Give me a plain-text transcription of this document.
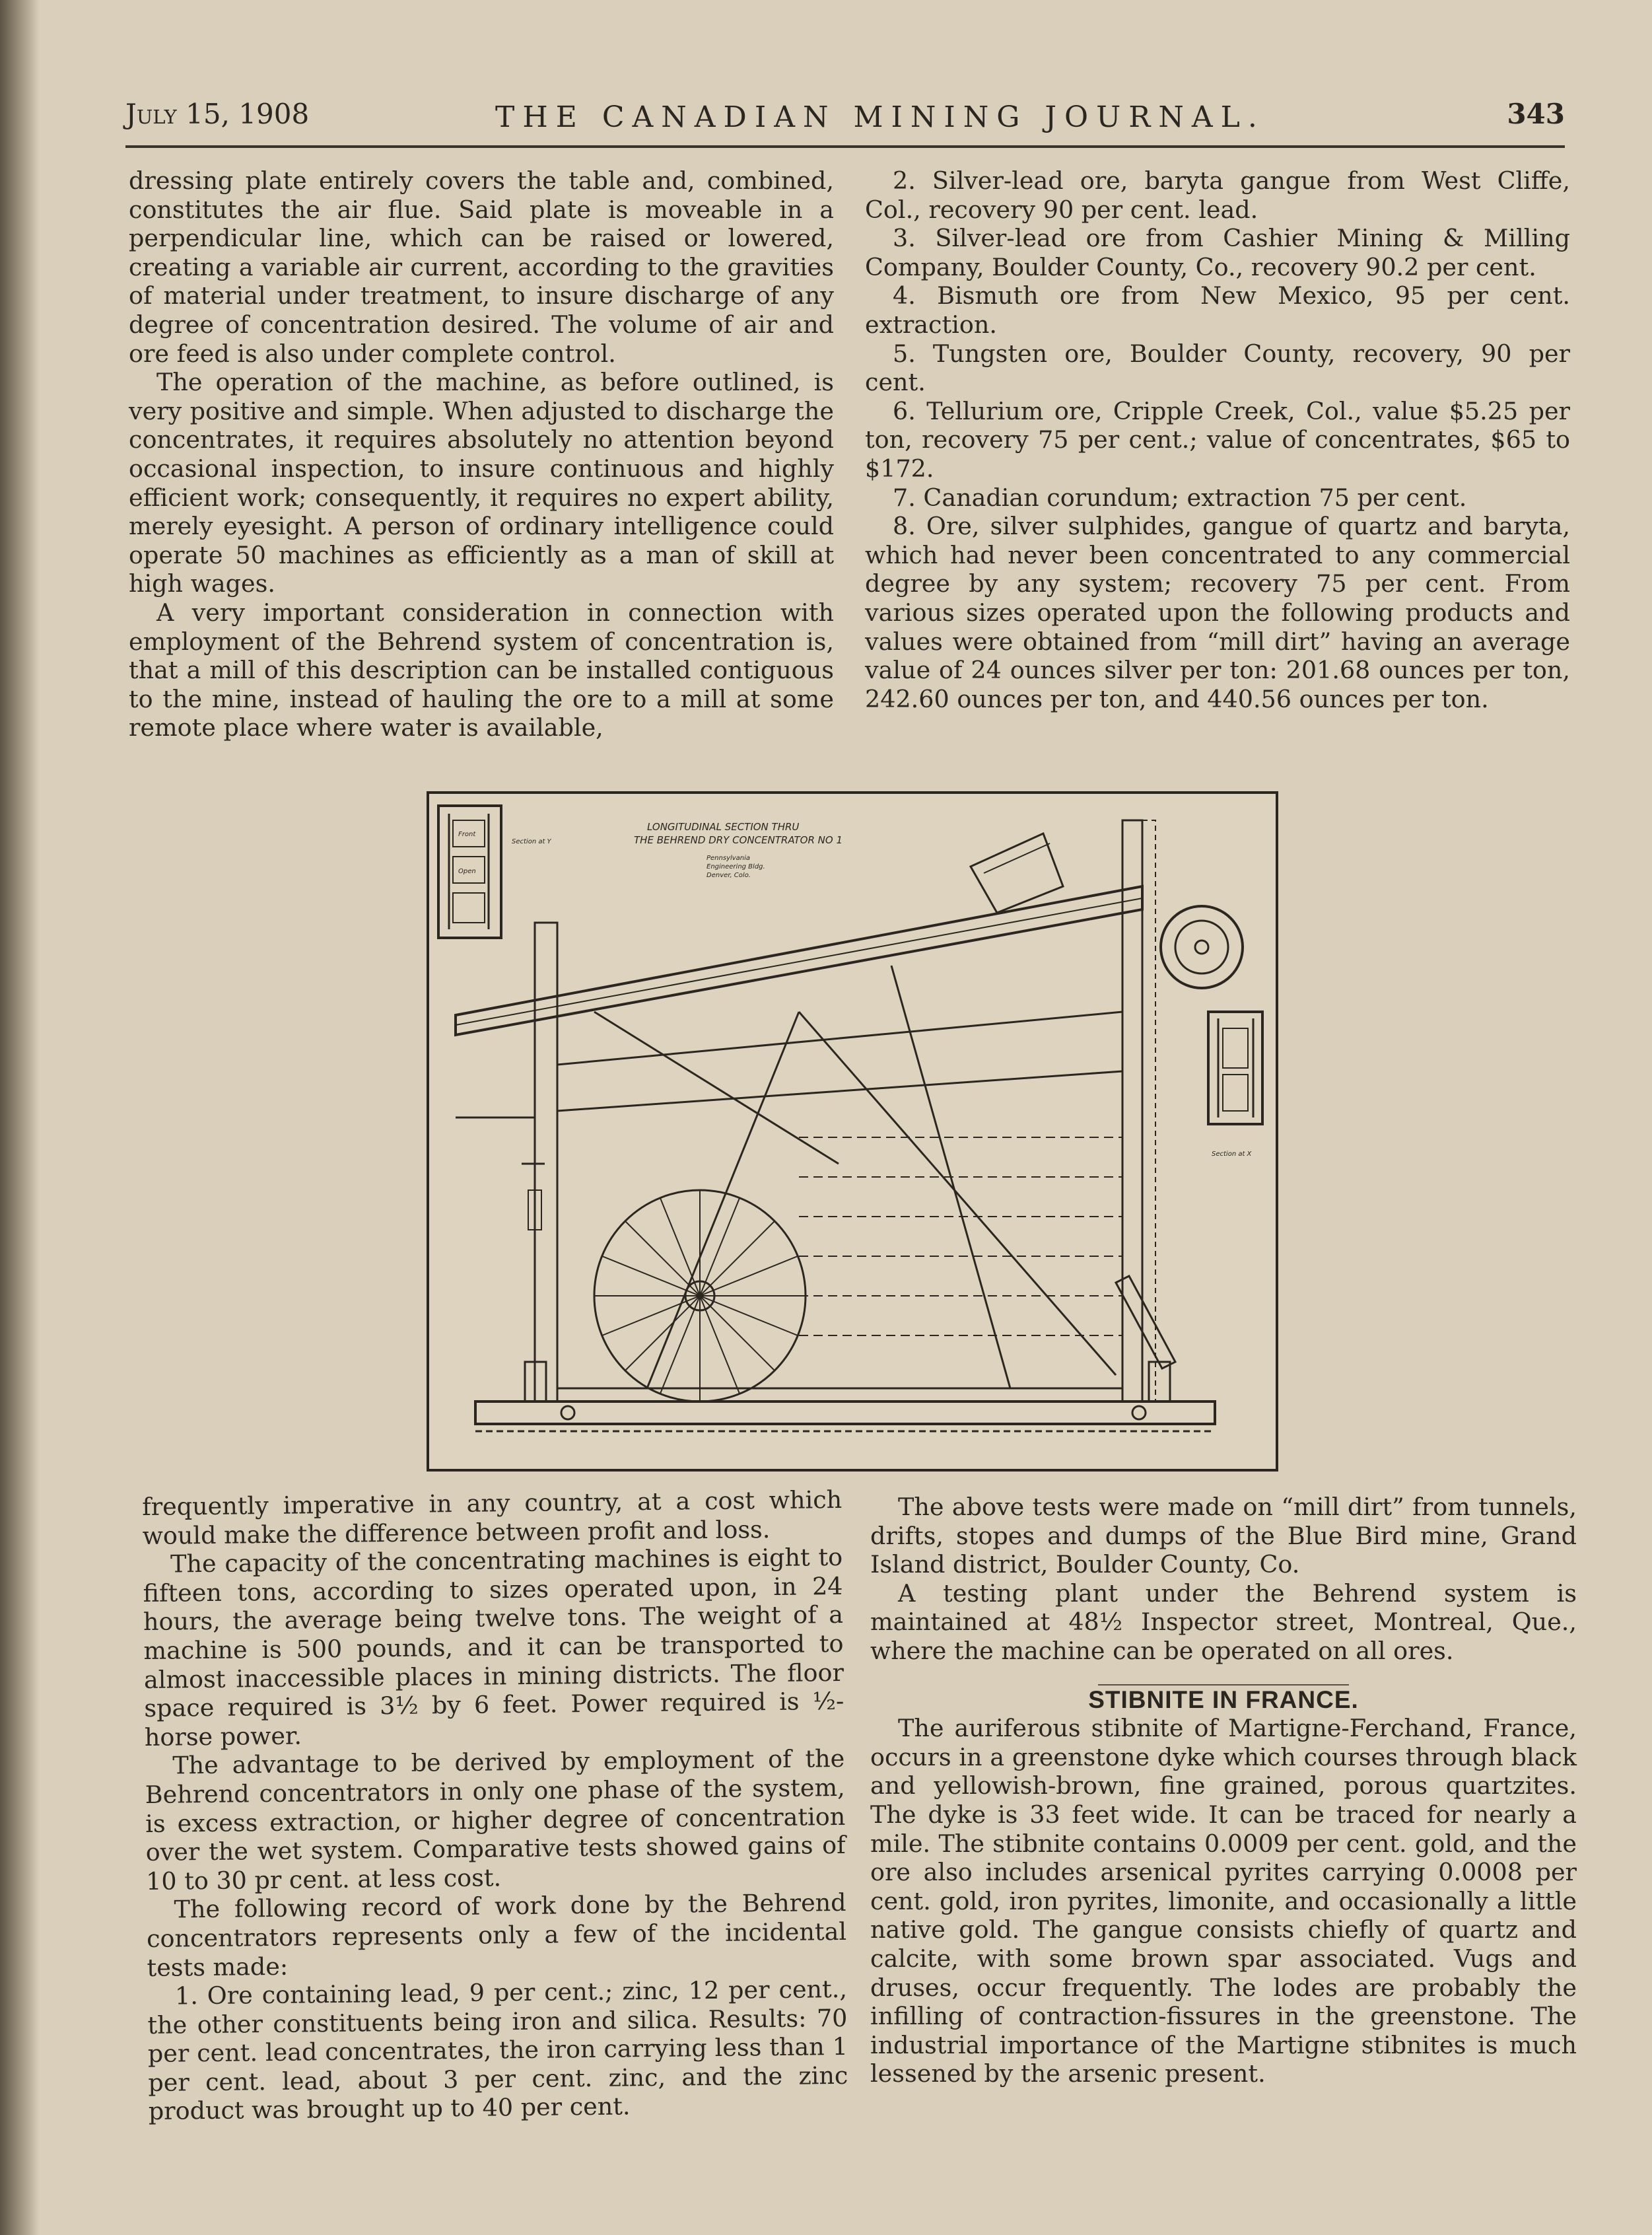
July 15, 1908	THE CANADIAN MINING JOURNAL.	343

dressing plate entirely covers the table and, combined, constitutes the air flue. Said plate is moveable in a perpendicular line, which can be raised or lowered, creating a variable air current, according to the gravities of material under treatment, to insure discharge of any degree of concentration desired. The volume of air and ore feed is also under complete control.

The operation of the machine, as before outlined, is very positive and simple. When adjusted to discharge the concentrates, it requires absolutely no attention beyond occasional inspection, to insure continuous and highly efficient work; consequently, it requires no expert ability, merely eyesight. A person of ordinary intelligence could operate 50 machines as efficiently as a man of skill at high wages.

A very important consideration in connection with employment of the Behrend system of concentration is, that a mill of this description can be installed contiguous to the mine, instead of hauling the ore to a mill at some remote place where water is available,

2. Silver-lead ore, baryta gangue from West Cliffe, Col., recovery 90 per cent. lead.

3. Silver-lead ore from Cashier Mining & Milling Company, Boulder County, Co., recovery 90.2 per cent.

4. Bismuth ore from New Mexico, 95 per cent. extraction.

5. Tungsten ore, Boulder County, recovery, 90 per cent.

6. Tellurium ore, Cripple Creek, Col., value $5.25 per ton, recovery 75 per cent.; value of concentrates, $65 to $172.

7. Canadian corundum; extraction 75 per cent.

8. Ore, silver sulphides, gangue of quartz and baryta, which had never been concentrated to any commercial degree by any system; recovery 75 per cent. From various sizes operated upon the following products and values were obtained from “mill dirt” having an average value of 24 ounces silver per ton: 201.68 ounces per ton, 242.60 ounces per ton, and 440.56 ounces per ton.

Front
Open
Section at Y
LONGITUDINAL SECTION THRU
THE BEHREND DRY CONCENTRATOR NO 1
Pennsylvania
Engineering Bldg.
Denver, Colo.
Section at X

frequently imperative in any country, at a cost which would make the difference between profit and loss.

The capacity of the concentrating machines is eight to fifteen tons, according to sizes operated upon, in 24 hours, the average being twelve tons. The weight of a machine is 500 pounds, and it can be transported to almost inaccessible places in mining districts. The floor space required is 3½ by 6 feet. Power required is ½-horse power.

The advantage to be derived by employment of the Behrend concentrators in only one phase of the system, is excess extraction, or higher degree of concentration over the wet system. Comparative tests showed gains of 10 to 30 pr cent. at less cost.

The following record of work done by the Behrend concentrators represents only a few of the incidental tests made:

1. Ore containing lead, 9 per cent.; zinc, 12 per cent., the other constituents being iron and silica. Results: 70 per cent. lead concentrates, the iron carrying less than 1 per cent. lead, about 3 per cent. zinc, and the zinc product was brought up to 40 per cent.

The above tests were made on “mill dirt” from tunnels, drifts, stopes and dumps of the Blue Bird mine, Grand Island district, Boulder County, Co.

A testing plant under the Behrend system is maintained at 48½ Inspector street, Montreal, Que., where the machine can be operated on all ores.

STIBNITE IN FRANCE.

The auriferous stibnite of Martigne-Ferchand, France, occurs in a greenstone dyke which courses through black and yellowish-brown, fine grained, porous quartzites. The dyke is 33 feet wide. It can be traced for nearly a mile. The stibnite contains 0.0009 per cent. gold, and the ore also includes arsenical pyrites carrying 0.0008 per cent. gold, iron pyrites, limonite, and occasionally a little native gold. The gangue consists chiefly of quartz and calcite, with some brown spar associated. Vugs and druses, occur frequently. The lodes are probably the infilling of contraction-fissures in the greenstone. The industrial importance of the Martigne stibnites is much lessened by the arsenic present.
